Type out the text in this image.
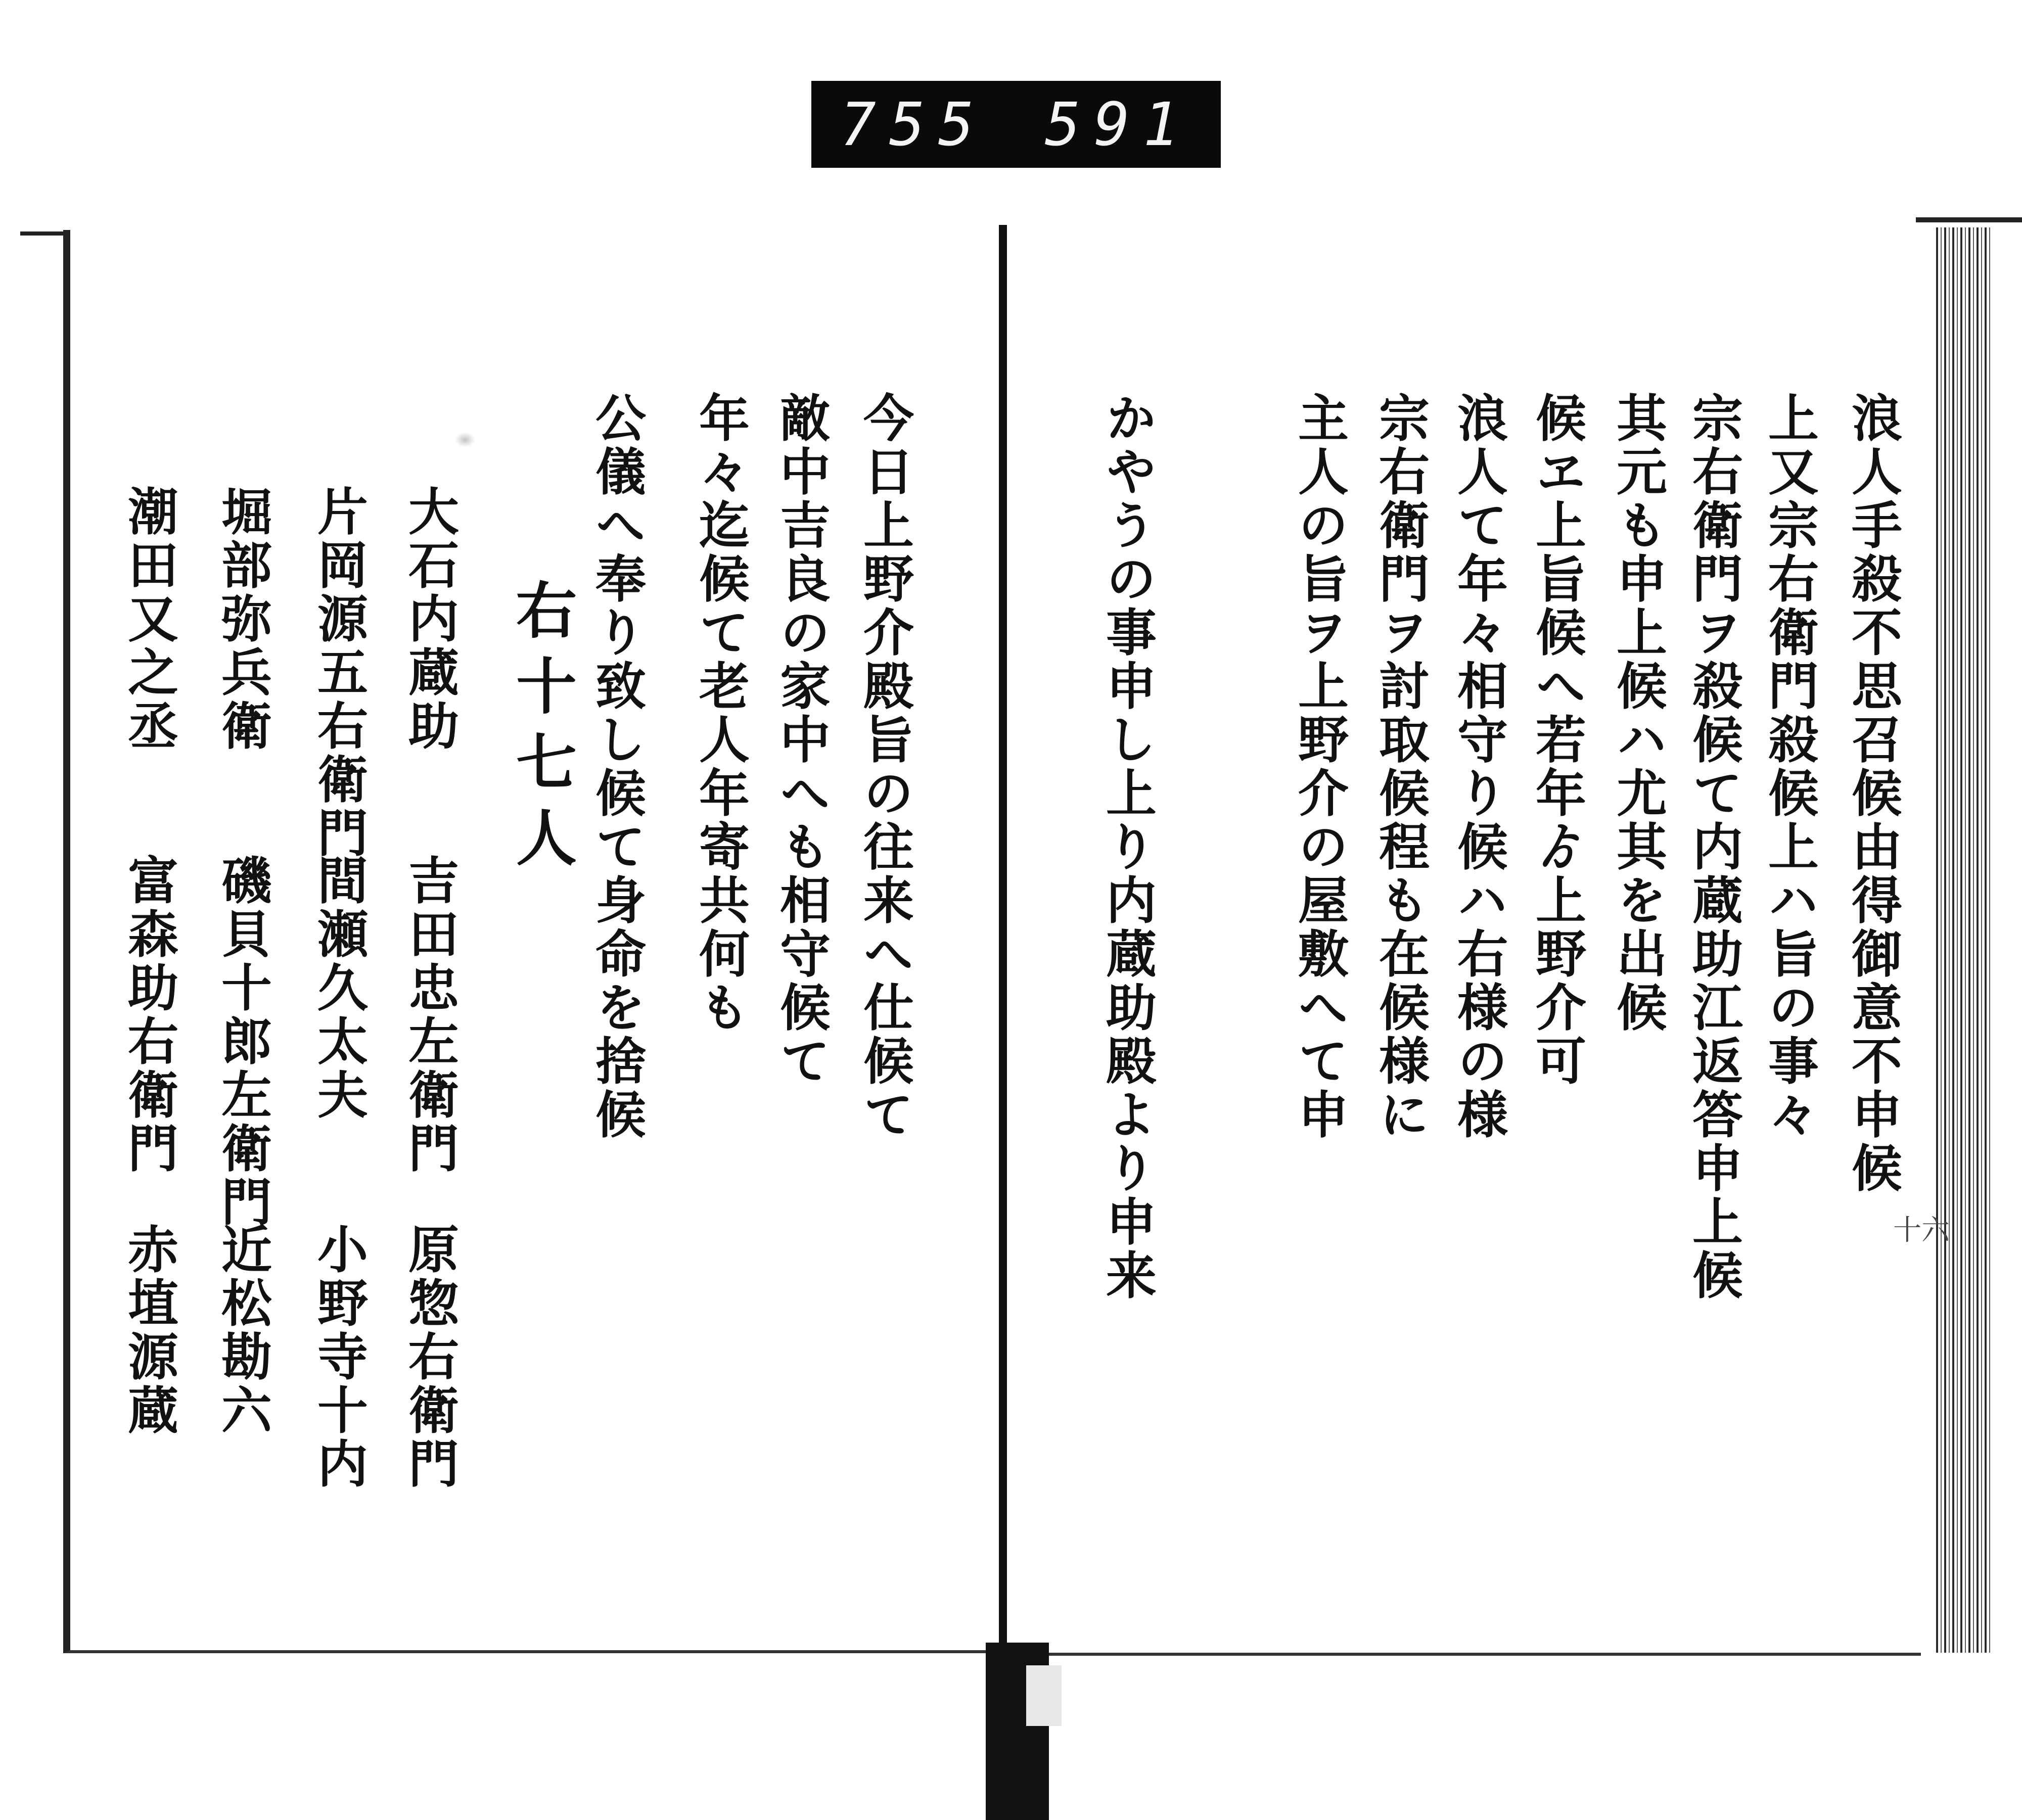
755 591
浪人手殺不思召候由得御意不申候
上又宗右衛門殺候上ハ旨の事々
宗右衛門ヲ殺候て内蔵助江返答申上候
其元も申上候ハ尤其を出候
候ヱ上旨候へ若年ゟ上野介可
浪人て年々相守り候ハ右様の様
宗右衛門ヲ討取候程も在候様に
主人の旨ヲ上野介の屋敷へて申
かやうの事申し上り内蔵助殿より申来	十六
今日上野介殿旨の往来へ仕候て
敵中吉良の家中へも相守候て
年々迄候て老人年寄共何も
公儀へ奉り致し候て身命を捨候
右十七人
大石内蔵助
吉田忠左衛門
原惣右衛門
片岡源五右衛門
間瀬久太夫
小野寺十内
堀部弥兵衛
磯貝十郎左衛門
近松勘六
潮田又之丞
富森助右衛門
赤埴源蔵
